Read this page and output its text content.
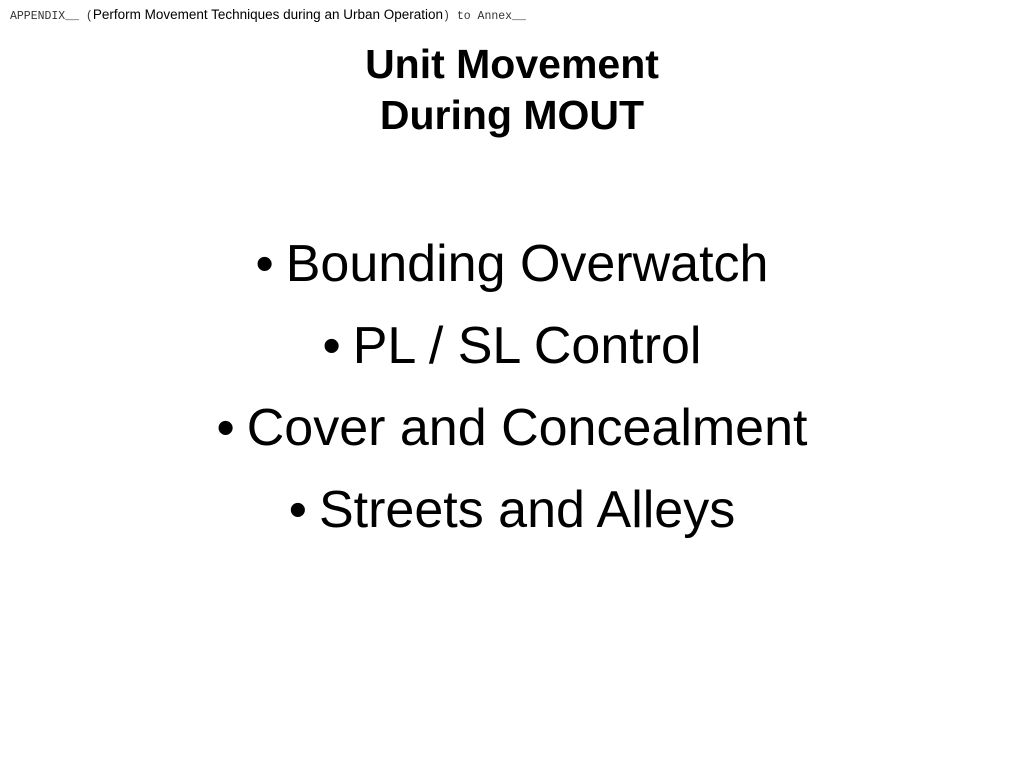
APPENDIX__ (Perform Movement Techniques during an Urban Operation) to Annex__
Unit Movement
During MOUT
• Bounding Overwatch
• PL / SL Control
• Cover and Concealment
• Streets and Alleys
